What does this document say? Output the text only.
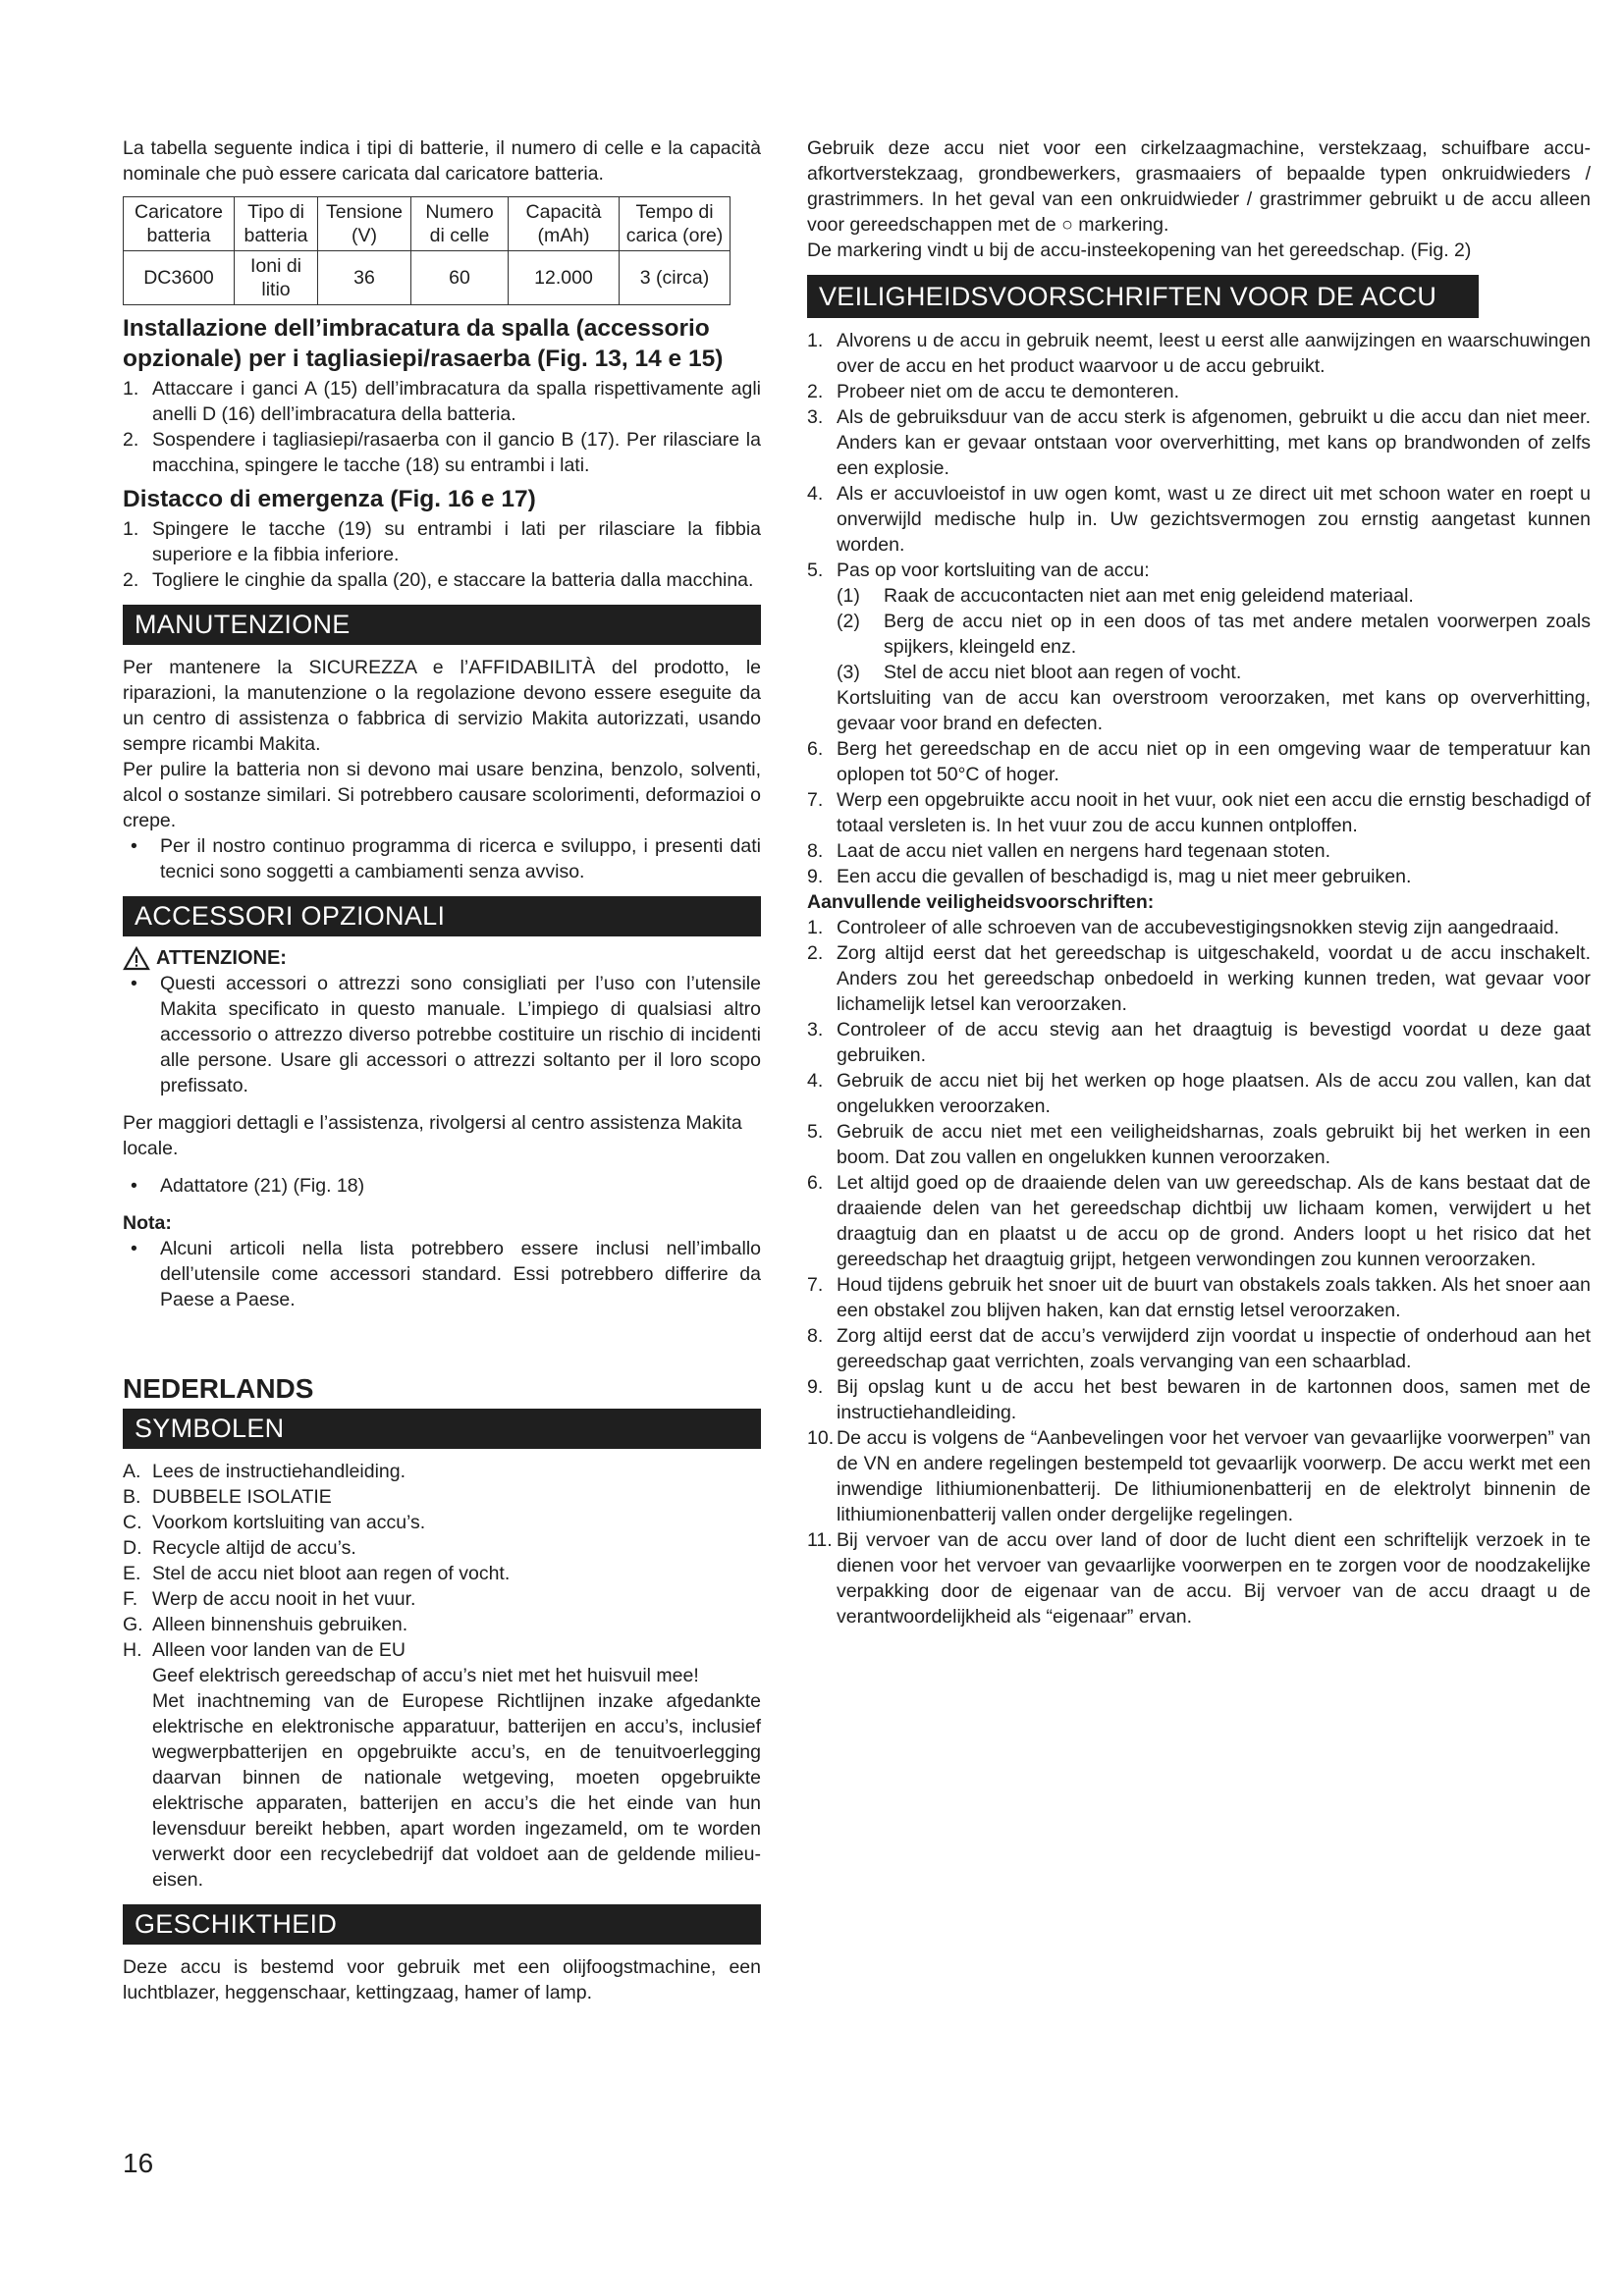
La tabella seguente indica i tipi di batterie, il numero di celle e la capacità nominale che può essere caricata dal caricatore batteria.

Caricatore batteria	Tipo di batteria	Tensione (V)	Numero di celle	Capacità (mAh)	Tempo di carica (ore)
DC3600	Ioni di litio	36	60	12.000	3 (circa)
Installazione dell’imbracatura da spalla (accessorio opzionale) per i tagliasiepi/rasaerba (Fig. 13, 14 e 15)
1. Attaccare i ganci A (15) dell’imbracatura da spalla rispettivamente agli anelli D (16) dell’imbracatura della batteria.
2. Sospendere i tagliasiepi/rasaerba con il gancio B (17). Per rilasciare la macchina, spingere le tacche (18) su entrambi i lati.
Distacco di emergenza (Fig. 16 e 17)
1. Spingere le tacche (19) su entrambi i lati per rilasciare la fibbia superiore e la fibbia inferiore.
2. Togliere le cinghie da spalla (20), e staccare la batteria dalla macchina.
MANUTENZIONE

Per mantenere la SICUREZZA e l’AFFIDABILITÀ del prodotto, le riparazioni, la manutenzione o la regolazione devono essere eseguite da un centro di assistenza o fabbrica di servizio Makita autorizzati, usando sempre ricambi Makita.

Per pulire la batteria non si devono mai usare benzina, benzolo, solventi, alcol o sostanze similari. Si potrebbero causare scolorimenti, deformazioi o crepe.

•	Per il nostro continuo programma di ricerca e sviluppo, i presenti dati tecnici sono soggetti a cambiamenti senza avviso.
ACCESSORI OPZIONALI
ATTENZIONE:
•	Questi accessori o attrezzi sono consigliati per l’uso con l’utensile Makita specificato in questo manuale. L’impiego di qualsiasi altro accessorio o attrezzo diverso potrebbe costituire un rischio di incidenti alle persone. Usare gli accessori o attrezzi soltanto per il loro scopo prefissato.

Per maggiori dettagli e l’assistenza, rivolgersi al centro assistenza Makita locale.

•	Adattatore (21) (Fig. 18)

Nota:

•	Alcuni articoli nella lista potrebbero essere inclusi nell’imballo dell’utensile come accessori standard. Essi potrebbero differire da Paese a Paese.
NEDERLANDS
SYMBOLEN
A. Lees de instructiehandleiding.
B. DUBBELE ISOLATIE
C. Voorkom kortsluiting van accu’s.
D. Recycle altijd de accu’s.
E. Stel de accu niet bloot aan regen of vocht.
F. Werp de accu nooit in het vuur.
G. Alleen binnenshuis gebruiken.
H. Alleen voor landen van de EU

Geef elektrisch gereedschap of accu’s niet met het huisvuil mee!

Met inachtneming van de Europese Richtlijnen inzake afgedankte elektrische en elektronische apparatuur, batterijen en accu’s, inclusief wegwerpbatterijen en opgebruikte accu’s, en de tenuitvoerlegging daarvan binnen de nationale wetgeving, moeten opgebruikte elektrische apparaten, batterijen en accu’s die het einde van hun levensduur bereikt hebben, apart worden ingezameld, om te worden verwerkt door een recyclebedrijf dat voldoet aan de geldende milieu-eisen.

GESCHIKTHEID

Deze accu is bestemd voor gebruik met een olijfoogstmachine, een luchtblazer, heggenschaar, kettingzaag, hamer of lamp.

Gebruik deze accu niet voor een cirkelzaagmachine, verstekzaag, schuifbare accu-afkortverstekzaag, grondbewerkers, grasmaaiers of bepaalde typen onkruidwieders / grastrimmers. In het geval van een onkruidwieder / grastrimmer gebruikt u de accu alleen voor gereedschappen met de ○ markering.

De markering vindt u bij de accu-insteekopening van het gereedschap. (Fig. 2)

VEILIGHEIDSVOORSCHRIFTEN VOOR DE ACCU
1. Alvorens u de accu in gebruik neemt, leest u eerst alle aanwijzingen en waarschuwingen over de accu en het product waarvoor u de accu gebruikt.
2. Probeer niet om de accu te demonteren.
3. Als de gebruiksduur van de accu sterk is afgenomen, gebruikt u die accu dan niet meer. Anders kan er gevaar ontstaan voor oververhitting, met kans op brandwonden of zelfs een explosie.
4. Als er accuvloeistof in uw ogen komt, wast u ze direct uit met schoon water en roept u onverwijld medische hulp in. Uw gezichtsvermogen zou ernstig aangetast kunnen worden.
5. Pas op voor kortsluiting van de accu:
(1)	Raak de accucontacten niet aan met enig geleidend materiaal.
(2)	Berg de accu niet op in een doos of tas met andere metalen voorwerpen zoals spijkers, kleingeld enz.
(3)	Stel de accu niet bloot aan regen of vocht.

Kortsluiting van de accu kan overstroom veroorzaken, met kans op oververhitting, gevaar voor brand en defecten.

6. Berg het gereedschap en de accu niet op in een omgeving waar de temperatuur kan oplopen tot 50°C of hoger.
7. Werp een opgebruikte accu nooit in het vuur, ook niet een accu die ernstig beschadigd of totaal versleten is. In het vuur zou de accu kunnen ontploffen.
8. Laat de accu niet vallen en nergens hard tegenaan stoten.
9. Een accu die gevallen of beschadigd is, mag u niet meer gebruiken.

Aanvullende veiligheidsvoorschriften:

1. Controleer of alle schroeven van de accubevestigingsnokken stevig zijn aangedraaid.
2. Zorg altijd eerst dat het gereedschap is uitgeschakeld, voordat u de accu inschakelt. Anders zou het gereedschap onbedoeld in werking kunnen treden, wat gevaar voor lichamelijk letsel kan veroorzaken.
3. Controleer of de accu stevig aan het draagtuig is bevestigd voordat u deze gaat gebruiken.
4. Gebruik de accu niet bij het werken op hoge plaatsen. Als de accu zou vallen, kan dat ongelukken veroorzaken.
5. Gebruik de accu niet met een veiligheidsharnas, zoals gebruikt bij het werken in een boom. Dat zou vallen en ongelukken kunnen veroorzaken.
6. Let altijd goed op de draaiende delen van uw gereedschap. Als de kans bestaat dat de draaiende delen van het gereedschap dichtbij uw lichaam komen, verwijdert u het draagtuig dan en plaatst u de accu op de grond. Anders loopt u het risico dat het gereedschap het draagtuig grijpt, hetgeen verwondingen zou kunnen veroorzaken.
7. Houd tijdens gebruik het snoer uit de buurt van obstakels zoals takken. Als het snoer aan een obstakel zou blijven haken, kan dat ernstig letsel veroorzaken.
8. Zorg altijd eerst dat de accu’s verwijderd zijn voordat u inspectie of onderhoud aan het gereedschap gaat verrichten, zoals vervanging van een schaarblad.
9. Bij opslag kunt u de accu het best bewaren in de kartonnen doos, samen met de instructiehandleiding.
10. De accu is volgens de “Aanbevelingen voor het vervoer van gevaarlijke voorwerpen” van de VN en andere regelingen bestempeld tot gevaarlijk voorwerp. De accu werkt met een inwendige lithiumionenbatterij. De lithiumionenbatterij en de elektrolyt binnenin de lithiumionenbatterij vallen onder dergelijke regelingen.
11. Bij vervoer van de accu over land of door de lucht dient een schriftelijk verzoek in te dienen voor het vervoer van gevaarlijke voorwerpen en te zorgen voor de noodzakelijke verpakking door de eigenaar van de accu. Bij vervoer van de accu draagt u de verantwoordelijkheid als “eigenaar” ervan.
16
